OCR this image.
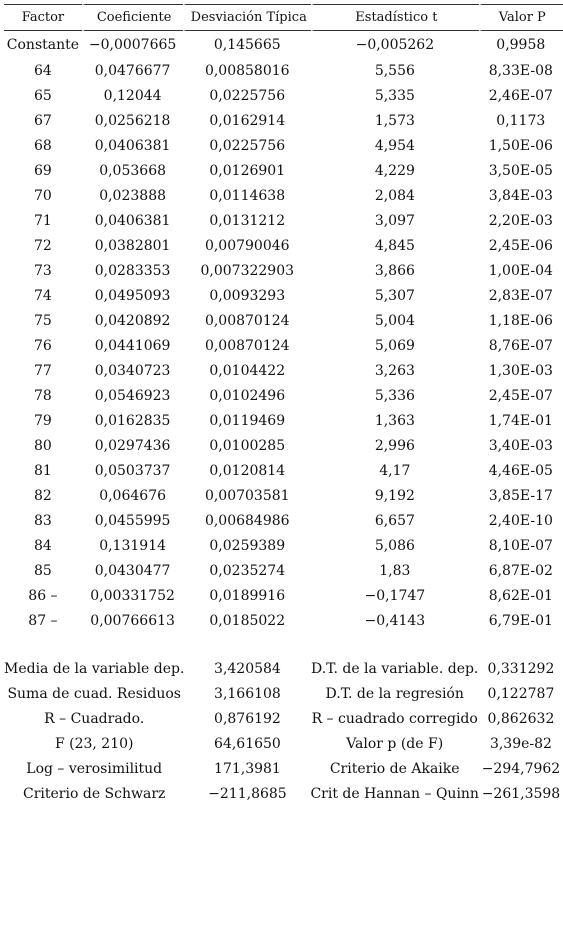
Factor	Coeficiente	Desviación Típica	Estadístico t	Valor P
Constante	−0,0007665	0,145665	−0,005262	0,9958
64	0,0476677	0,00858016	5,556	8,33E-08
65	0,12044	0,0225756	5,335	2,46E-07
67	0,0256218	0,0162914	1,573	0,1173
68	0,0406381	0,0225756	4,954	1,50E-06
69	0,053668	0,0126901	4,229	3,50E-05
70	0,023888	0,0114638	2,084	3,84E-03
71	0,0406381	0,0131212	3,097	2,20E-03
72	0,0382801	0,00790046	4,845	2,45E-06
73	0,0283353	0,007322903	3,866	1,00E-04
74	0,0495093	0,0093293	5,307	2,83E-07
75	0,0420892	0,00870124	5,004	1,18E-06
76	0,0441069	0,00870124	5,069	8,76E-07
77	0,0340723	0,0104422	3,263	1,30E-03
78	0,0546923	0,0102496	5,336	2,45E-07
79	0,0162835	0,0119469	1,363	1,74E-01
80	0,0297436	0,0100285	2,996	3,40E-03
81	0,0503737	0,0120814	4,17	4,46E-05
82	0,064676	0,00703581	9,192	3,85E-17
83	0,0455995	0,00684986	6,657	2,40E-10
84	0,131914	0,0259389	5,086	8,10E-07
85	0,0430477	0,0235274	1,83	6,87E-02
86 –	0,00331752	0,0189916	−0,1747	8,62E-01
87 –	0,00766613	0,0185022	−0,4143	6,79E-01
Media de la variable dep.	3,420584	D.T. de la variable. dep.	0,331292
Suma de cuad. Residuos	3,166108	D.T. de la regresión	0,122787
R – Cuadrado.	0,876192	R – cuadrado corregido	0,862632
F (23, 210)	64,61650	Valor p (de F)	3,39e-82
Log – verosimilitud	171,3981	Criterio de Akaike	−294,7962
Criterio de Schwarz	−211,8685	Crit de Hannan – Quinn	−261,3598
